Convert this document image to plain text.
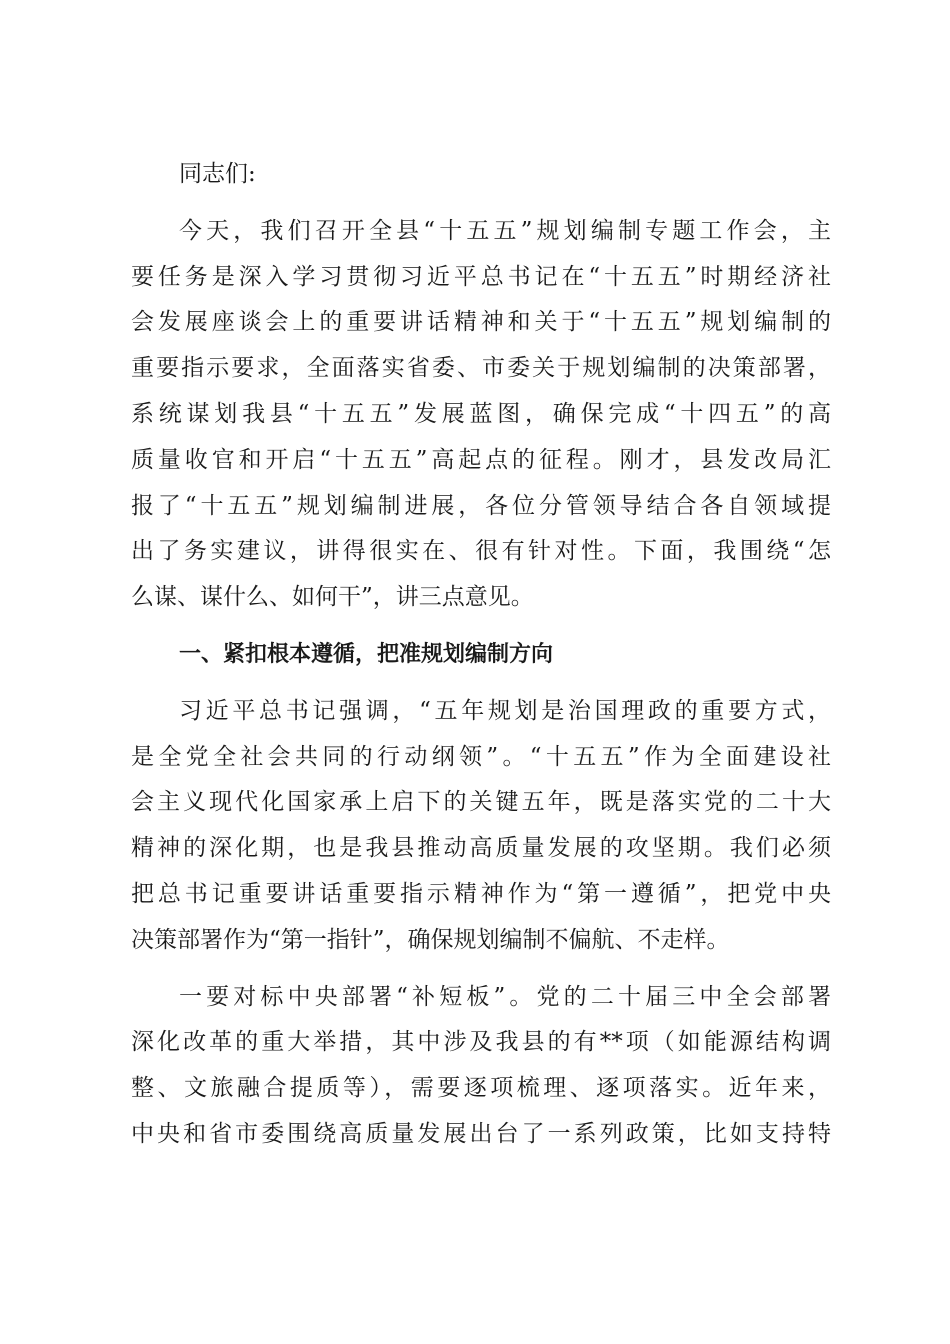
同志们:
今天，我们召开全县“十五五”规划编制专题工作会，主
要任务是深入学习贯彻习近平总书记在“十五五”时期经济社
会发展座谈会上的重要讲话精神和关于“十五五”规划编制的
重要指示要求，全面落实省委、市委关于规划编制的决策部署，
系统谋划我县“十五五”发展蓝图，确保完成“十四五”的高
质量收官和开启“十五五”高起点的征程。刚才，县发改局汇
报了“十五五”规划编制进展，各位分管领导结合各自领域提
出了务实建议，讲得很实在、很有针对性。下面，我围绕“怎
么谋、谋什么、如何干”，讲三点意见。
一、紧扣根本遵循，把准规划编制方向
习近平总书记强调，“五年规划是治国理政的重要方式，
是全党全社会共同的行动纲领”。“十五五”作为全面建设社
会主义现代化国家承上启下的关键五年，既是落实党的二十大
精神的深化期，也是我县推动高质量发展的攻坚期。我们必须
把总书记重要讲话重要指示精神作为“第一遵循”，把党中央
决策部署作为“第一指针”，确保规划编制不偏航、不走样。
一要对标中央部署“补短板”。党的二十届三中全会部署
深化改革的重大举措，其中涉及我县的有**项（如能源结构调
整、文旅融合提质等），需要逐项梳理、逐项落实。近年来，
中央和省市委围绕高质量发展出台了一系列政策，比如支持特
